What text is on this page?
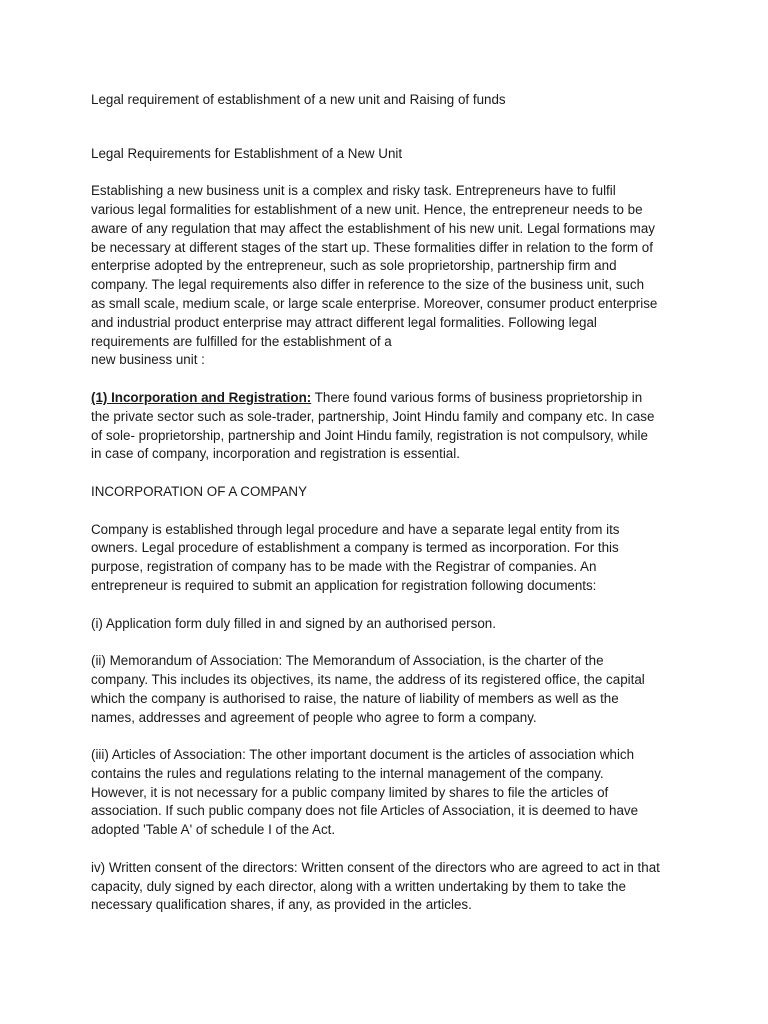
Legal requirement of establishment of a new unit and Raising of funds

Legal Requirements for Establishment of a New Unit

Establishing a new business unit is a complex and risky task. Entrepreneurs have to fulfil

various legal formalities for establishment of a new unit. Hence, the entrepreneur needs to be

aware of any regulation that may affect the establishment of his new unit. Legal formations may

be necessary at different stages of the start up. These formalities differ in relation to the form of

enterprise adopted by the entrepreneur, such as sole proprietorship, partnership firm and

company. The legal requirements also differ in reference to the size of the business unit, such

as small scale, medium scale, or large scale enterprise. Moreover, consumer product enterprise

and industrial product enterprise may attract different legal formalities. Following legal

requirements are fulfilled for the establishment of a

new business unit :

(1) Incorporation and Registration: There found various forms of business proprietorship in

the private sector such as sole-trader, partnership, Joint Hindu family and company etc. In case

of sole- proprietorship, partnership and Joint Hindu family, registration is not compulsory, while

in case of company, incorporation and registration is essential.

INCORPORATION OF A COMPANY

Company is established through legal procedure and have a separate legal entity from its

owners. Legal procedure of establishment a company is termed as incorporation. For this

purpose, registration of company has to be made with the Registrar of companies. An

entrepreneur is required to submit an application for registration following documents:

(i) Application form duly filled in and signed by an authorised person.

(ii) Memorandum of Association: The Memorandum of Association, is the charter of the

company. This includes its objectives, its name, the address of its registered office, the capital

which the company is authorised to raise, the nature of liability of members as well as the

names, addresses and agreement of people who agree to form a company.

(iii) Articles of Association: The other important document is the articles of association which

contains the rules and regulations relating to the internal management of the company.

However, it is not necessary for a public company limited by shares to file the articles of

association. If such public company does not file Articles of Association, it is deemed to have

adopted 'Table A' of schedule I of the Act.

iv) Written consent of the directors: Written consent of the directors who are agreed to act in that

capacity, duly signed by each director, along with a written undertaking by them to take the

necessary qualification shares, if any, as provided in the articles.
